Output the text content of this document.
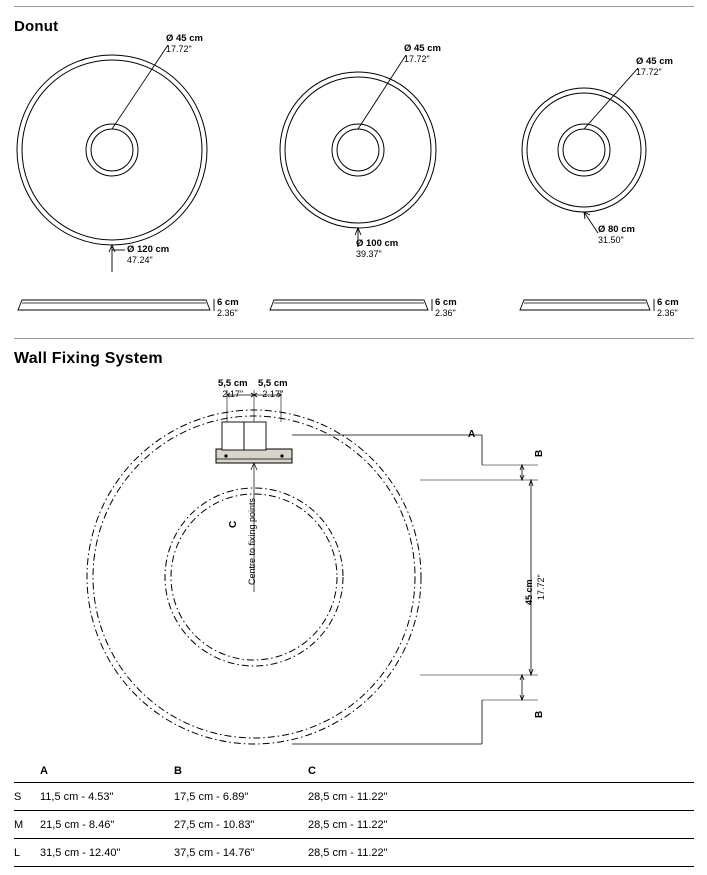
Donut
Ø 45 cm
17.72"
Ø 120 cm
47.24"
Ø 45 cm
17.72"
Ø 100 cm
39.37"
Ø 45 cm
17.72"
Ø 80 cm
31.50"
6 cm
2.36"
6 cm
2.36"
6 cm
2.36"
Wall Fixing System
5,5 cm
2.17"
5,5 cm
2.17"
A
B
B
C Centre to fixing points
45 cm 17.72"
A	B	C
S	11,5 cm - 4.53"	17,5 cm - 6.89"	28,5 cm - 11.22"
M	21,5 cm - 8.46"	27,5 cm - 10.83"	28,5 cm - 11.22"
L	31,5 cm - 12.40"	37,5 cm - 14.76"	28,5 cm - 11.22"
